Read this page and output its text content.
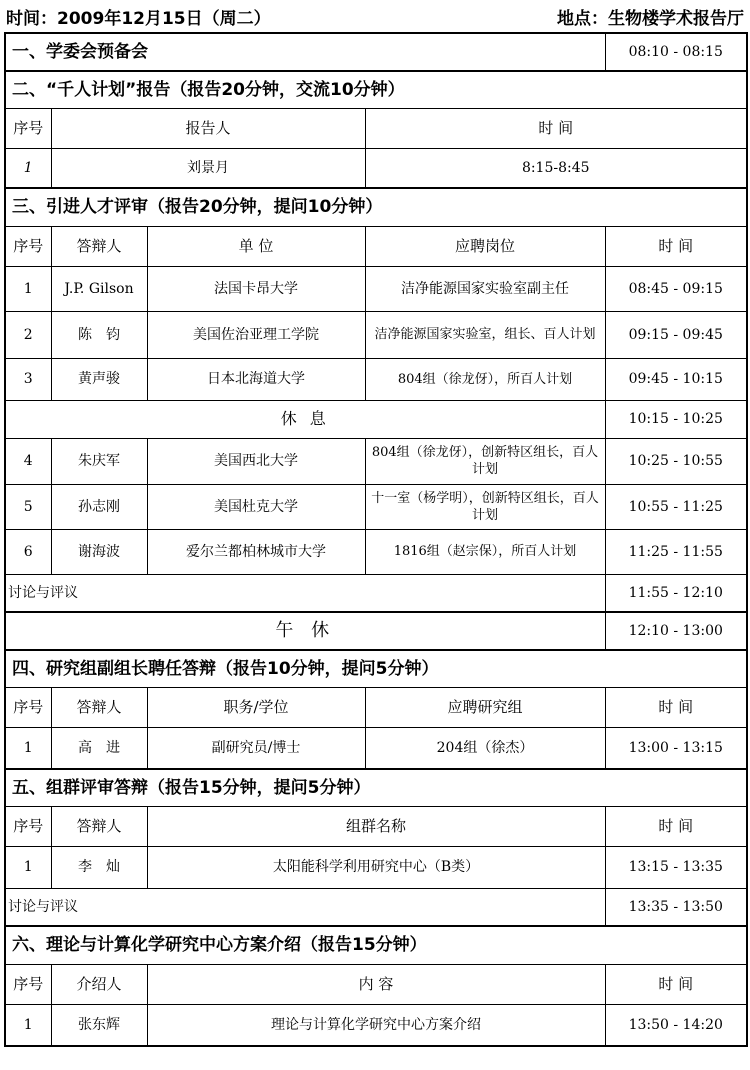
时间：2009年12月15日（周二）	地点：生物楼学术报告厅
一、学委会预备会				08:10 - 08:15
二、“千人计划”报告（报告20分钟，交流10分钟）				
序号	报告人		时 间	
1	刘景月		8:15-8:45	
三、引进人才评审（报告20分钟，提问10分钟）				
序号	答辩人	单 位	应聘岗位	时 间
1	J.P. Gilson	法国卡昂大学	洁净能源国家实验室副主任	08:45 - 09:15
2	陈　钧	美国佐治亚理工学院	洁净能源国家实验室，组长、百人计划	09:15 - 09:45
3	黄声骏	日本北海道大学	804组（徐龙伢），所百人计划	09:45 - 10:15
休 息				10:15 - 10:25
4	朱庆军	美国西北大学	804组（徐龙伢），创新特区组长，百人计划	10:25 - 10:55
5	孙志刚	美国杜克大学	十一室（杨学明），创新特区组长，百人计划	10:55 - 11:25
6	谢海波	爱尔兰都柏林城市大学	1816组（赵宗保），所百人计划	11:25 - 11:55
讨论与评议				11:55 - 12:10
午 休				12:10 - 13:00
四、研究组副组长聘任答辩（报告10分钟，提问5分钟）				
序号	答辩人	职务/学位	应聘研究组	时 间
1	高　进	副研究员/博士	204组（徐杰）	13:00 - 13:15
五、组群评审答辩（报告15分钟，提问5分钟）				
序号	答辩人	组群名称		时 间
1	李　灿	太阳能科学利用研究中心（B类）		13:15 - 13:35
讨论与评议				13:35 - 13:50
六、理论与计算化学研究中心方案介绍（报告15分钟）				
序号	介绍人	内 容		时 间
1	张东辉	理论与计算化学研究中心方案介绍		13:50 - 14:20
